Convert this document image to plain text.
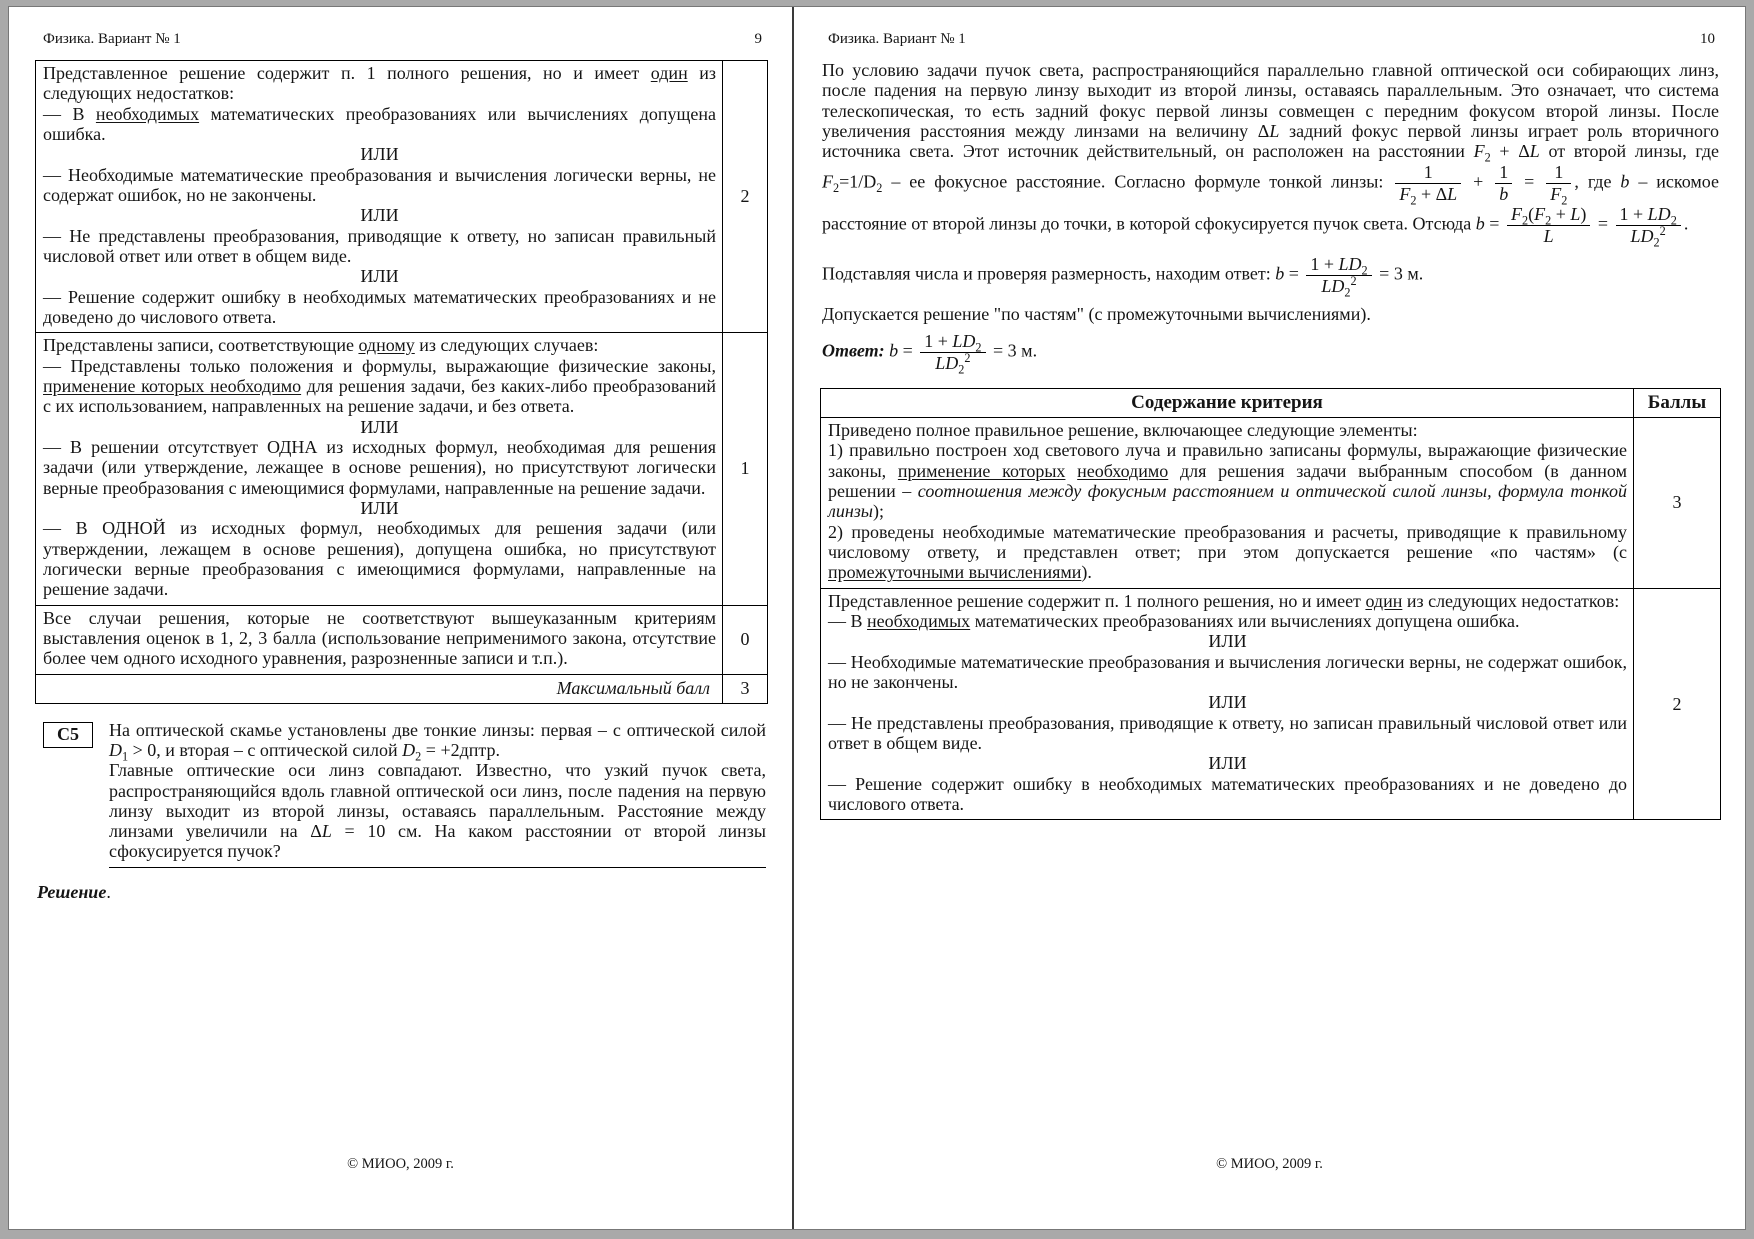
Физика. Вариант № 1	9
Представленное решение содержит п. 1 полного решения, но и имеет один из следующих недостатков:
— В необходимых математических преобразованиях или вычислениях допущена ошибка.
ИЛИ
— Необходимые математические преобразования и вычисления логически верны, не содержат ошибок, но не закончены.
ИЛИ
— Не представлены преобразования, приводящие к ответу, но записан правильный числовой ответ или ответ в общем виде.
ИЛИ
— Решение содержит ошибку в необходимых математических преобразованиях и не доведено до числового ответа.
	2

Представлены записи, соответствующие одному из следующих случаев:
— Представлены только положения и формулы, выражающие физические законы, применение которых необходимо для решения задачи, без каких-либо преобразований с их использованием, направленных на решение задачи, и без ответа.
ИЛИ
— В решении отсутствует ОДНА из исходных формул, необходимая для решения задачи (или утверждение, лежащее в основе решения), но присутствуют логически верные преобразования с имеющимися формулами, направленные на решение задачи.
ИЛИ
— В ОДНОЙ из исходных формул, необходимых для решения задачи (или утверждении, лежащем в основе решения), допущена ошибка, но присутствуют логически верные преобразования с имеющимися формулами, направленные на решение задачи.
	1

Все случаи решения, которые не соответствуют вышеуказанным критериям выставления оценок в 1, 2, 3 балла (использование неприменимого закона, отсутствие более чем одного исходного уравнения, разрозненные записи и т.п.).	0
Максимальный балл	3
С5	На оптической скамье установлены две тонкие линзы: первая – с оптической силой $D_1 > 0$, и вторая – с оптической силой $D_2$ = +2дптр.
Главные оптические оси линз совпадают. Известно, что узкий пучок света, распространяющийся вдоль главной оптической оси линз, после падения на первую линзу выходит из второй линзы, оставаясь параллельным. Расстояние между линзами увеличили на ΔL = 10 см. На каком расстоянии от второй линзы сфокусируется пучок?
Решение.
© МИОО, 2009 г.
Физика. Вариант № 1	10
По условию задачи пучок света, распространяющийся параллельно главной оптической оси собирающих линз, после падения на первую линзу выходит из второй линзы, оставаясь параллельным. Это означает, что система телескопическая, то есть задний фокус первой линзы совмещен с передним фокусом второй линзы. После увеличения расстояния между линзами на величину ΔL задний фокус первой линзы играет роль вторичного источника света. Этот источник действительный, он расположен на расстоянии $F_2 + \Delta L$ от второй линзы, где $F_2=1/D_2$ – ее фокусное расстояние. Согласно формуле тонкой линзы: $\frac{1}{F_2 + \Delta L} + \frac{1}{b} = \frac{1}{F_2}$ , где b – искомое расстояние от второй линзы до точки, в которой сфокусируется пучок света. Отсюда $b = \frac{F_2(F_2 + L)}{L} = \frac{1 + LD_2}{LD_2^2}$ .
Подставляя числа и проверяя размерность, находим ответ: $b = \frac{1 + LD_2}{LD_2^2} = 3$ м.
Допускается решение "по частям" (с промежуточными вычислениями).
Ответ: $b = \frac{1 + LD_2}{LD_2^2} = 3$ м.
Содержание критерия	Баллы

Приведено полное правильное решение, включающее следующие элементы:
1) правильно построен ход светового луча и правильно записаны формулы, выражающие физические законы, применение которых необходимо для решения задачи выбранным способом (в данном решении – соотношения между фокусным расстоянием и оптической силой линзы, формула тонкой линзы);
2) проведены необходимые математические преобразования и расчеты, приводящие к правильному числовому ответу, и представлен ответ; при этом допускается решение «по частям» (с промежуточными вычислениями).	3

Представленное решение содержит п. 1 полного решения, но и имеет один из следующих недостатков:
— В необходимых математических преобразованиях или вычислениях допущена ошибка.
ИЛИ
— Необходимые математические преобразования и вычисления логически верны, не содержат ошибок, но не закончены.
ИЛИ
— Не представлены преобразования, приводящие к ответу, но записан правильный числовой ответ или ответ в общем виде.
ИЛИ
— Решение содержит ошибку в необходимых математических преобразованиях и не доведено до числового ответа.
	2
© МИОО, 2009 г.
